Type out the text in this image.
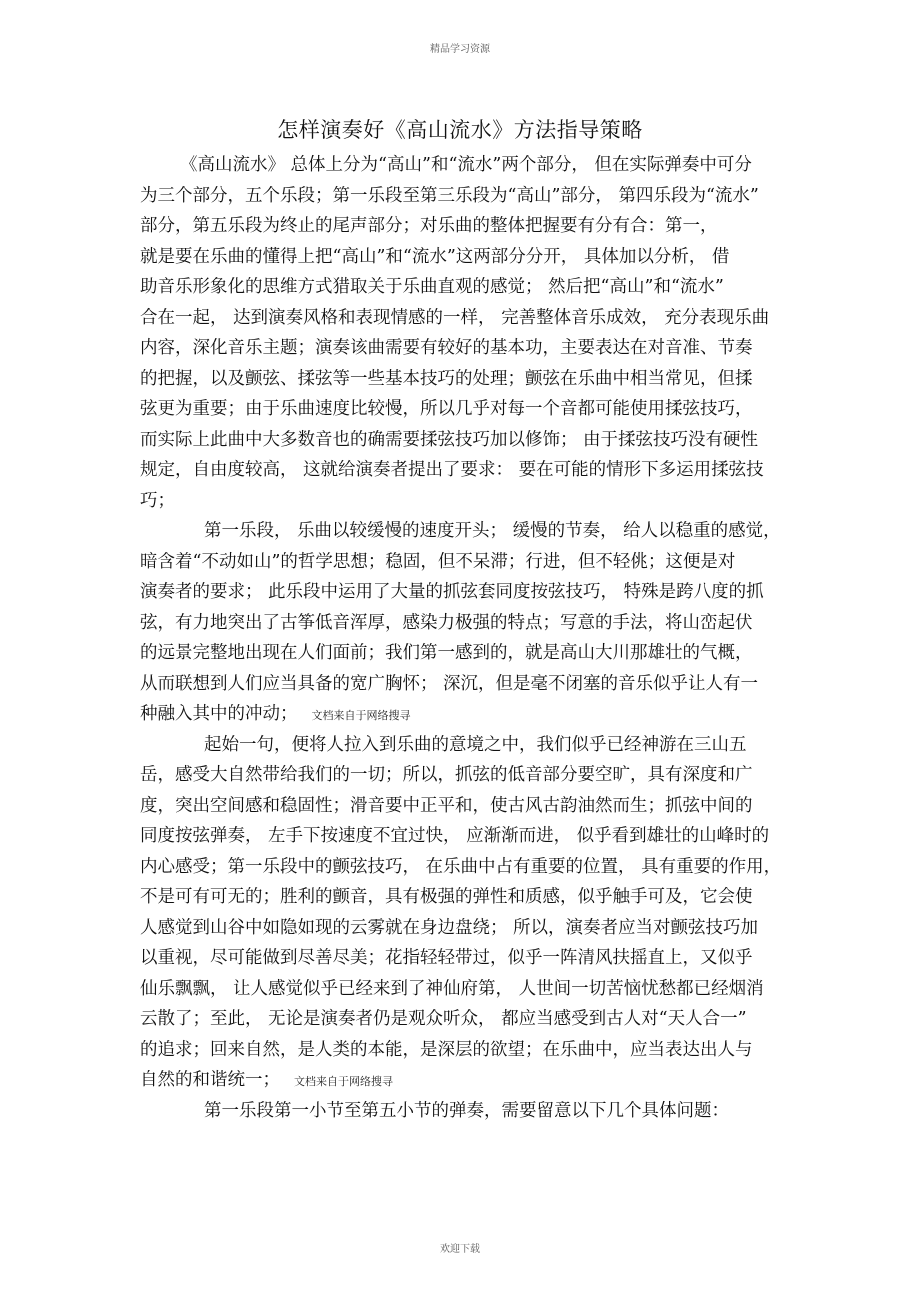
精品学习资源
怎样演奏好《高山流水》方法指导策略
《高山流水》 总体上分为“高山”和“流水”两个部分， 但在实际弹奏中可分
为三个部分，五个乐段；第一乐段至第三乐段为“高山”部分， 第四乐段为“流水”
部分，第五乐段为终止的尾声部分；对乐曲的整体把握要有分有合：第一，
就是要在乐曲的懂得上把“高山”和“流水”这两部分分开， 具体加以分析， 借
助音乐形象化的思维方式猎取关于乐曲直观的感觉； 然后把“高山”和“流水”
合在一起， 达到演奏风格和表现情感的一样， 完善整体音乐成效， 充分表现乐曲
内容，深化音乐主题；演奏该曲需要有较好的基本功，主要表达在对音准、节奏
的把握，以及颤弦、揉弦等一些基本技巧的处理；颤弦在乐曲中相当常见，但揉
弦更为重要；由于乐曲速度比较慢，所以几乎对每一个音都可能使用揉弦技巧，
而实际上此曲中大多数音也的确需要揉弦技巧加以修饰； 由于揉弦技巧没有硬性
规定，自由度较高， 这就给演奏者提出了要求： 要在可能的情形下多运用揉弦技
巧；
第一乐段， 乐曲以较缓慢的速度开头； 缓慢的节奏， 给人以稳重的感觉，
暗含着“不动如山”的哲学思想；稳固，但不呆滞；行进，但不轻佻；这便是对
演奏者的要求； 此乐段中运用了大量的抓弦套同度按弦技巧， 特殊是跨八度的抓
弦，有力地突出了古筝低音浑厚，感染力极强的特点；写意的手法，将山峦起伏
的远景完整地出现在人们面前；我们第一感到的，就是高山大川那雄壮的气概，
从而联想到人们应当具备的宽广胸怀； 深沉，但是毫不闭塞的音乐似乎让人有一
种融入其中的冲动； 文档来自于网络搜寻
起始一句，便将人拉入到乐曲的意境之中，我们似乎已经神游在三山五
岳，感受大自然带给我们的一切；所以，抓弦的低音部分要空旷，具有深度和广
度，突出空间感和稳固性；滑音要中正平和，使古风古韵油然而生；抓弦中间的
同度按弦弹奏， 左手下按速度不宜过快， 应渐渐而进， 似乎看到雄壮的山峰时的
内心感受；第一乐段中的颤弦技巧， 在乐曲中占有重要的位置， 具有重要的作用，
不是可有可无的；胜利的颤音，具有极强的弹性和质感，似乎触手可及，它会使
人感觉到山谷中如隐如现的云雾就在身边盘绕； 所以，演奏者应当对颤弦技巧加
以重视，尽可能做到尽善尽美；花指轻轻带过，似乎一阵清风扶摇直上，又似乎
仙乐飘飘， 让人感觉似乎已经来到了神仙府第， 人世间一切苦恼忧愁都已经烟消
云散了；至此， 无论是演奏者仍是观众听众， 都应当感受到古人对“天人合一”
的追求；回来自然，是人类的本能，是深层的欲望；在乐曲中，应当表达出人与
自然的和谐统一； 文档来自于网络搜寻
第一乐段第一小节至第五小节的弹奏，需要留意以下几个具体问题：
欢迎下载
